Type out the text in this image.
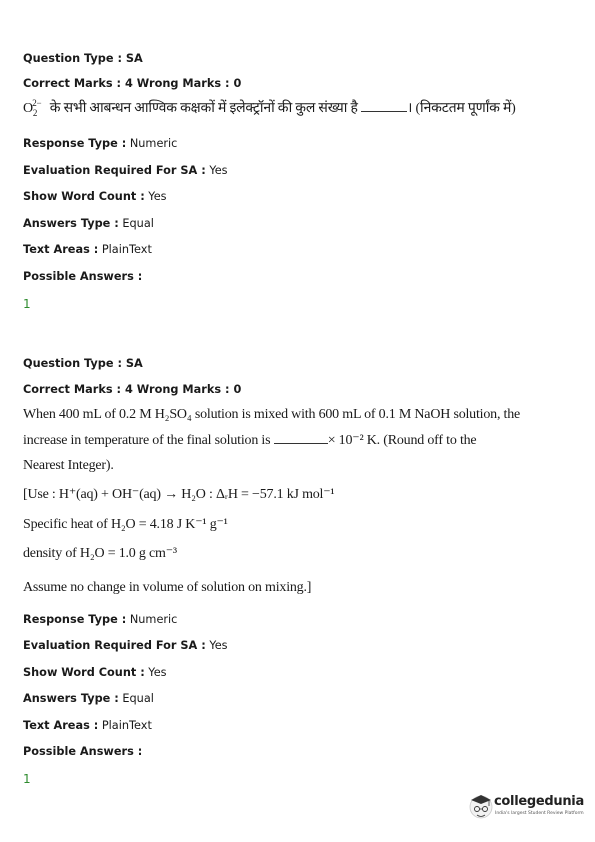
Question Type : SA

Correct Marks : 4 Wrong Marks : 0

$O_2^{2-}$ के सभी आबन्धन आण्विक कक्षकों में इलेक्ट्रॉनों की कुल संख्या है	। (निकटतम पूर्णांक में)

Response Type : Numeric

Evaluation Required For SA : Yes

Show Word Count : Yes

Answers Type : Equal

Text Areas : PlainText

Possible Answers :

1

Question Type : SA

Correct Marks : 4 Wrong Marks : 0

When 400 mL of 0.2 M H₂SO₄ solution is mixed with 600 mL of 0.1 M NaOH solution, the
increase in temperature of the final solution is	× 10⁻² K. (Round off to the
Nearest Integer).
[Use : H⁺(aq) + OH⁻(aq) → H₂O : ΔᵣH = −57.1 kJ mol⁻¹
Specific heat of H₂O = 4.18 J K⁻¹ g⁻¹
density of H₂O = 1.0 g cm⁻³
Assume no change in volume of solution on mixing.]

Response Type : Numeric

Evaluation Required For SA : Yes

Show Word Count : Yes

Answers Type : Equal

Text Areas : PlainText

Possible Answers :

1

collegedunia
India's largest Student Review Platform
